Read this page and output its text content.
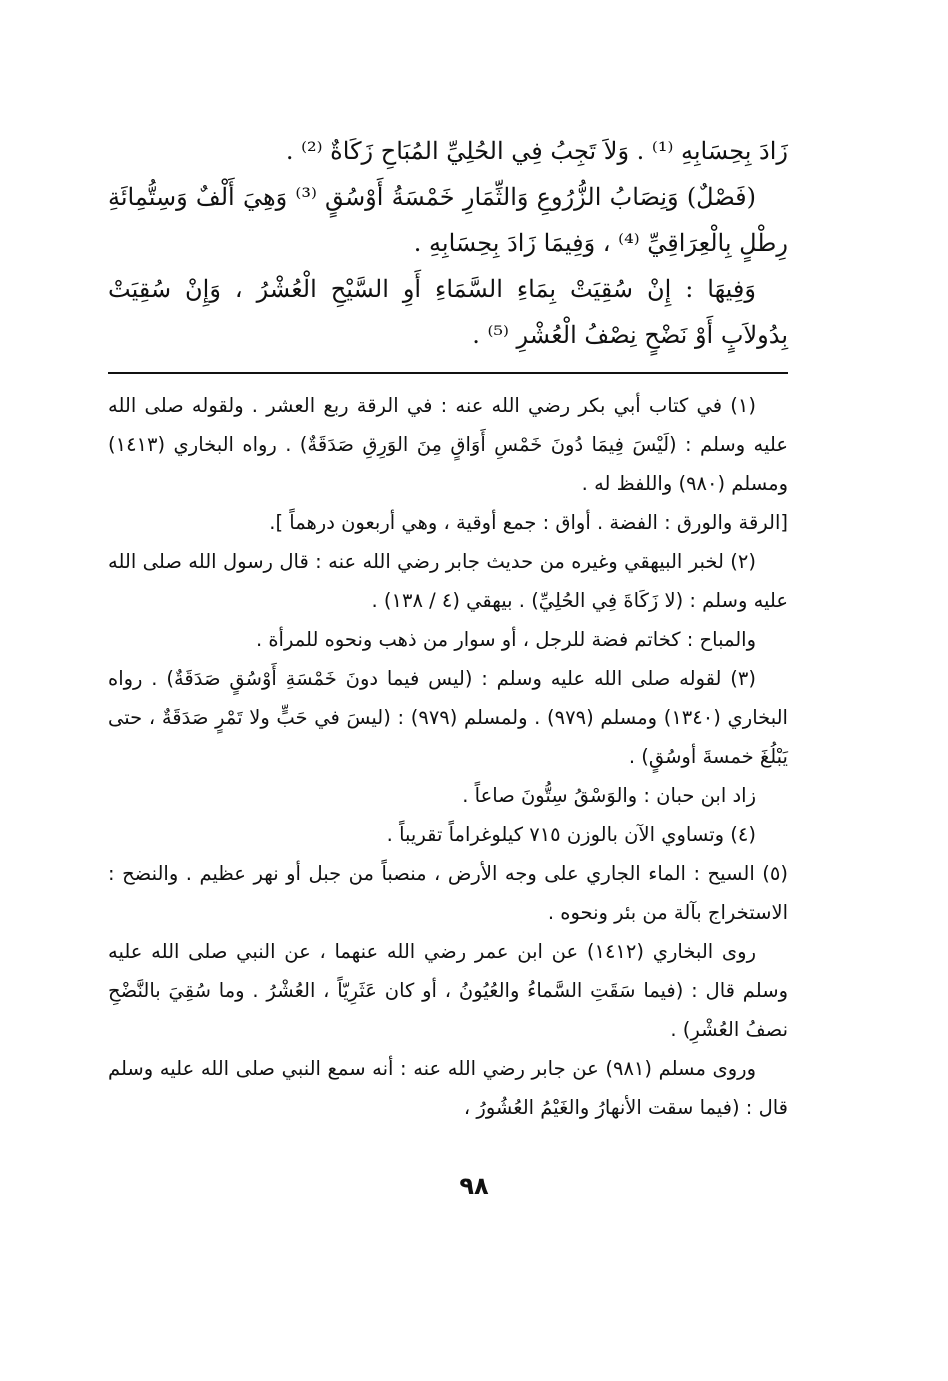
زَادَ بِحِسَابِهِ ⁽¹⁾ . وَلاَ تَجِبُ فِي الحُلِيِّ المُبَاحِ زَكَاةٌ ⁽²⁾ .

(فَصْلٌ) وَنِصَابُ الزُّرُوعِ وَالثِّمَارِ خَمْسَةُ أَوْسُقٍ ⁽³⁾ وَهِيَ أَلْفٌ وَسِتُّمِائَةِ رِطْلٍ بِالْعِرَاقِيِّ ⁽⁴⁾ ، وَفِيمَا زَادَ بِحِسَابِهِ .

وَفِيهَا : إِنْ سُقِيَتْ بِمَاءِ السَّمَاءِ أَوِ السَّيْحِ الْعُشْرُ ، وَإِنْ سُقِيَتْ بِدُولاَبٍ أَوْ نَضْحٍ نِصْفُ الْعُشْرِ ⁽⁵⁾ .

(١) في كتاب أبي بكر رضي الله عنه : في الرقة ربع العشر . ولقوله صلى الله عليه وسلم : (لَيْسَ فِيمَا دُونَ خَمْسِ أَوَاقٍ مِنَ الوَرِقِ صَدَقَةٌ) . رواه البخاري (١٤١٣) ومسلم (٩٨٠) واللفظ له .

[الرقة والورق : الفضة . أواق : جمع أوقية ، وهي أربعون درهماً ].

(٢) لخبر البيهقي وغيره من حديث جابر رضي الله عنه : قال رسول الله صلى الله عليه وسلم : (لا زَكَاةَ فِي الحُلِيِّ) . بيهقي (٤ / ١٣٨) .

والمباح : كخاتم فضة للرجل ، أو سوار من ذهب ونحوه للمرأة .

(٣) لقوله صلى الله عليه وسلم : (ليس فيما دونَ خَمْسَةِ أَوْسُقٍ صَدَقَةٌ) . رواه البخاري (١٣٤٠) ومسلم (٩٧٩) . ولمسلم (٩٧٩) : (ليسَ في حَبٍّ ولا تَمْرٍ صَدَقَةٌ ، حتى يَبْلُغَ خمسةَ أوسُقٍ) .

زاد ابن حبان : والوَسْقُ سِتُّونَ صاعاً .

(٤) وتساوي الآن بالوزن ٧١٥ كيلوغراماً تقريباً .

(٥) السيح : الماء الجاري على وجه الأرض ، منصباً من جبل أو نهر عظيم . والنضح : الاستخراج بآلة من بئر ونحوه .

روى البخاري (١٤١٢) عن ابن عمر رضي الله عنهما ، عن النبي صلى الله عليه وسلم قال : (فيما سَقَتِ السَّماءُ والعُيُونُ ، أو كان عَثَرِيّاً ، العُشْرُ . وما سُقِيَ بالنَّضْحِ نصفُ العُشْرِ) .

وروى مسلم (٩٨١) عن جابر رضي الله عنه : أنه سمع النبي صلى الله عليه وسلم قال : (فيما سقت الأنهارُ والغَيْمُ العُشُورُ ،

٩٨
